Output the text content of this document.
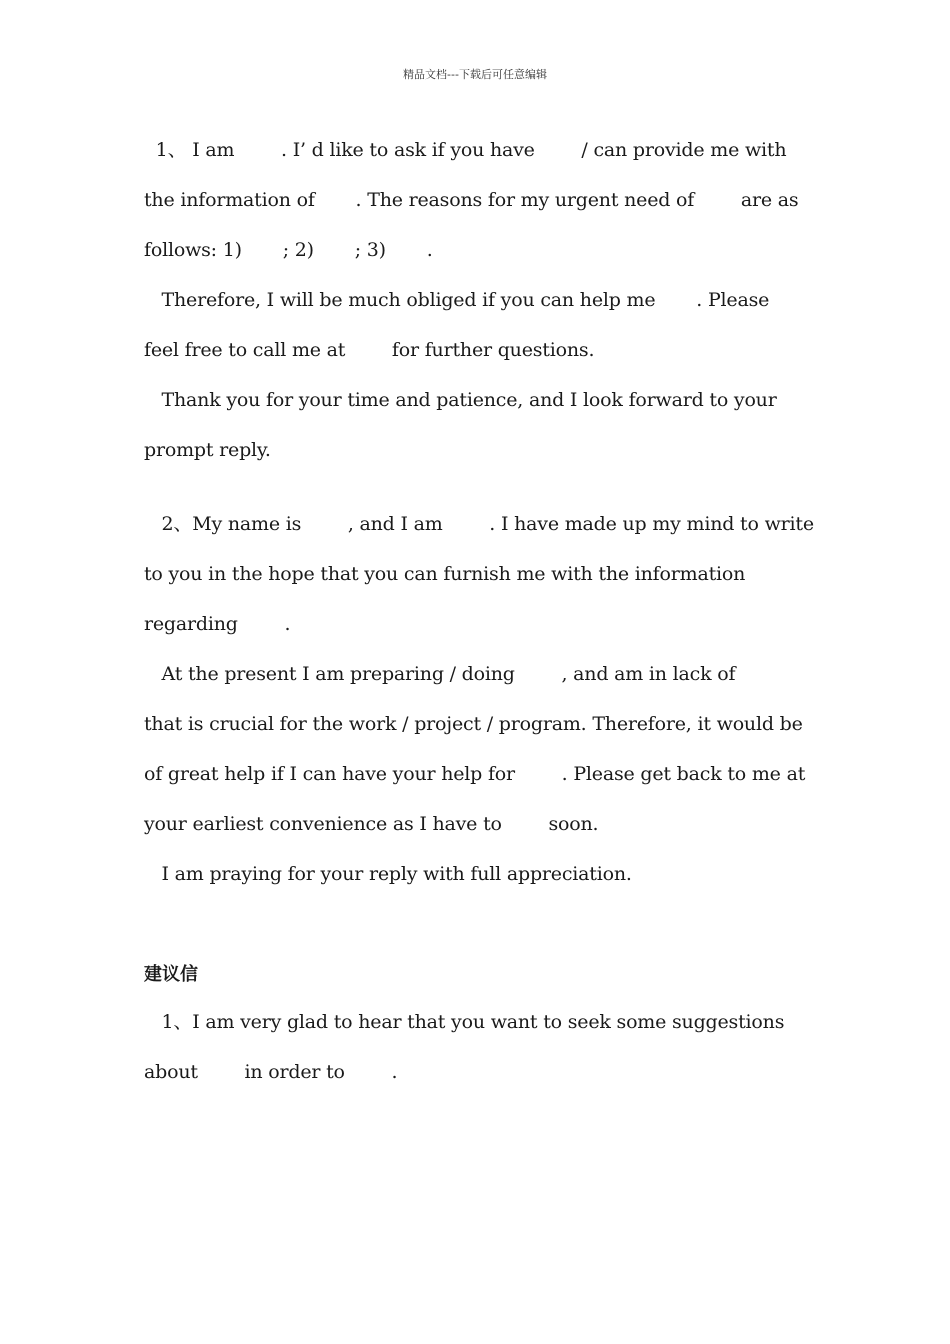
精品文档---下载后可任意编辑
1、 I am        . I’ d like to ask if you have        / can provide me with
the information of       . The reasons for my urgent need of        are as
follows: 1)       ; 2)       ; 3)       .
Therefore, I will be much obliged if you can help me       . Please
feel free to call me at        for further questions.
Thank you for your time and patience, and I look forward to your
prompt reply.
2、My name is        , and I am        . I have made up my mind to write
to you in the hope that you can furnish me with the information
regarding        .
At the present I am preparing / doing        , and am in lack of
that is crucial for the work / project / program. Therefore, it would be
of great help if I can have your help for        . Please get back to me at
your earliest convenience as I have to        soon.
I am praying for your reply with full appreciation.
建议信
1、I am very glad to hear that you want to seek some suggestions
about        in order to        .
